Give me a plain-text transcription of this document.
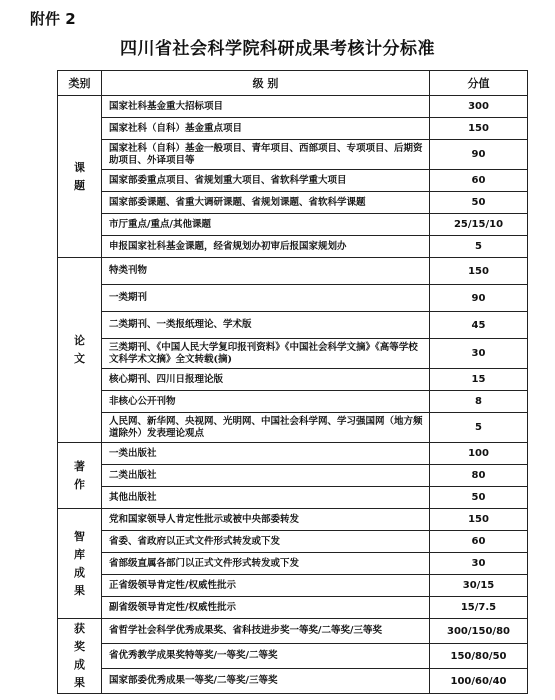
附件 2
四川省社会科学院科研成果考核计分标准
类别	级 别	分值

课
题	国家社科基金重大招标项目	300
	国家社科（自科）基金重点项目	150
	国家社科（自科）基金一般项目、青年项目、西部项目、专项项目、后期资助项目、外译项目等	90
	国家部委重点项目、省规划重大项目、省软科学重大项目	60
	国家部委课题、省重大调研课题、省规划课题、省软科学课题	50
	市厅重点/重点/其他课题	25/15/10
	申报国家社科基金课题，经省规划办初审后报国家规划办	5

论
文	特类刊物	150
	一类期刊	90
	二类期刊、一类报纸理论、学术版	45
	三类期刊、《中国人民大学复印报刊资料》《中国社会科学文摘》《高等学校文科学术文摘》全文转载(摘)	30
	核心期刊、四川日报理论版	15
	非核心公开刊物	8
	人民网、新华网、央视网、光明网、中国社会科学网、学习强国网（地方频道除外）发表理论观点	5

著
作	一类出版社	100
	二类出版社	80
	其他出版社	50

智
库
成
果	党和国家领导人肯定性批示或被中央部委转发	150
	省委、省政府以正式文件形式转发或下发	60
	省部级直属各部门以正式文件形式转发或下发	30
	正省级领导肯定性/权威性批示	30/15
	副省级领导肯定性/权威性批示	15/7.5

获
奖
成
果	省哲学社会科学优秀成果奖、省科技进步奖一等奖/二等奖/三等奖	300/150/80
	省优秀教学成果奖特等奖/一等奖/二等奖	150/80/50
	国家部委优秀成果一等奖/二等奖/三等奖	100/60/40
